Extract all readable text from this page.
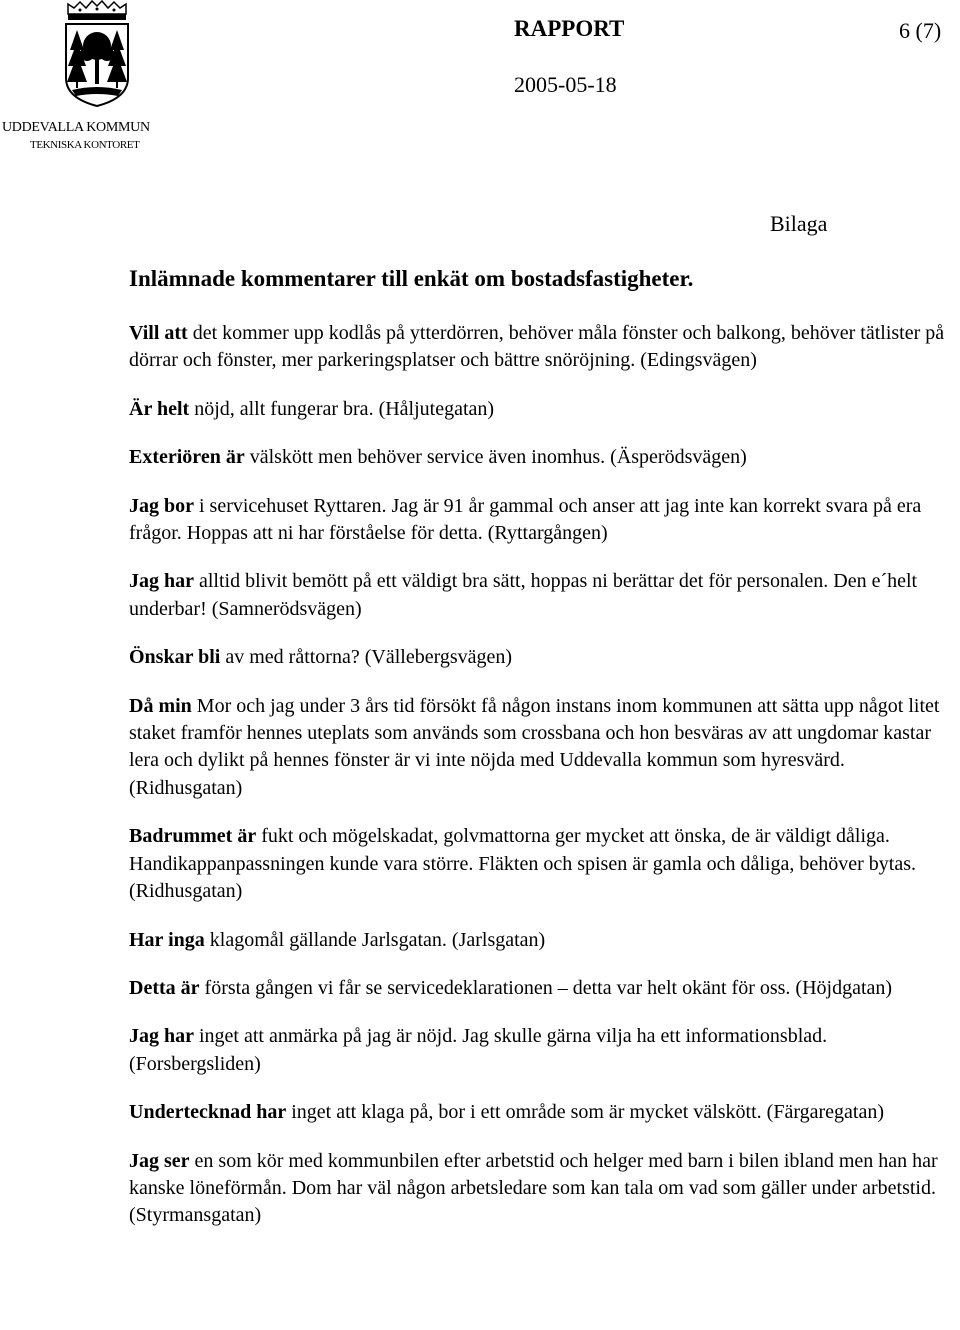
UDDEVALLA KOMMUN
TEKNISKA KONTORET
RAPPORT	6 (7)
2005-05-18
Bilaga
Inlämnade kommentarer till enkät om bostadsfastigheter.

Vill att det kommer upp kodlås på ytterdörren, behöver måla fönster och balkong, behöver tätlister på dörrar och fönster, mer parkeringsplatser och bättre snöröjning. (Edingsvägen)

Är helt nöjd, allt fungerar bra. (Håljutegatan)

Exteriören är välskött men behöver service även inomhus. (Äsperödsvägen)

Jag bor i servicehuset Ryttaren. Jag är 91 år gammal och anser att jag inte kan korrekt svara på era frågor. Hoppas att ni har förståelse för detta. (Ryttargången)

Jag har alltid blivit bemött på ett väldigt bra sätt, hoppas ni berättar det för personalen. Den e´helt underbar! (Samnerödsvägen)

Önskar bli av med råttorna? (Vällebergsvägen)

Då min Mor och jag under 3 års tid försökt få någon instans inom kommunen att sätta upp något litet staket framför hennes uteplats som används som crossbana och hon besväras av att ungdomar kastar lera och dylikt på hennes fönster är vi inte nöjda med Uddevalla kommun som hyresvärd. (Ridhusgatan)

Badrummet är fukt och mögelskadat, golvmattorna ger mycket att önska, de är väldigt dåliga. Handikappanpassningen kunde vara större. Fläkten och spisen är gamla och dåliga, behöver bytas. (Ridhusgatan)

Har inga klagomål gällande Jarlsgatan. (Jarlsgatan)

Detta är första gången vi får se servicedeklarationen – detta var helt okänt för oss. (Höjdgatan)

Jag har inget att anmärka på jag är nöjd. Jag skulle gärna vilja ha ett informationsblad. (Forsbergsliden)

Undertecknad har inget att klaga på, bor i ett område som är mycket välskött. (Färgaregatan)

Jag ser en som kör med kommunbilen efter arbetstid och helger med barn i bilen ibland men han har kanske löneförmån. Dom har väl någon arbetsledare som kan tala om vad som gäller under arbetstid. (Styrmansgatan)
